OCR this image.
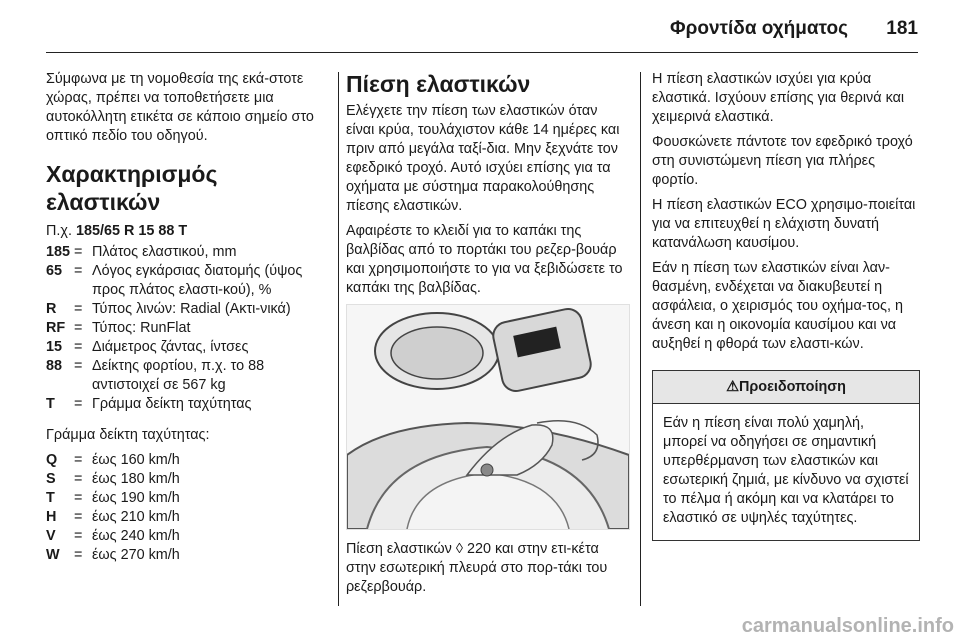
Φροντίδα οχήματος 181

Σύμφωνα με τη νομοθεσία της εκά-στοτε χώρας, πρέπει να τοποθετήσετε μια αυτοκόλλητη ετικέτα σε κάποιο σημείο στο οπτικό πεδίο του οδηγού.

Χαρακτηρισμός ελαστικών

Π.χ. 185/65 R 15 88 T

185 = Πλάτος ελαστικού, mm
65 = Λόγος εγκάρσιας διατομής (ύψος προς πλάτος ελαστι-κού), %
R	= Τύπος λινών: Radial (Ακτι-νικά)
RF = Τύπος: RunFlat
15 = Διάμετρος ζάντας, ίντσες
88 = Δείκτης φορτίου, π.χ. το 88 αντιστοιχεί σε 567 kg
T	= Γράμμα δείκτη ταχύτητας

Γράμμα δείκτη ταχύτητας:

Q	= έως 160 km/h
S	= έως 180 km/h
T	= έως 190 km/h
H	= έως 210 km/h
V	= έως 240 km/h
W	= έως 270 km/h
Πίεση ελαστικών

Ελέγχετε την πίεση των ελαστικών όταν είναι κρύα, τουλάχιστον κάθε 14 ημέρες και πριν από μεγάλα ταξί-δια. Μην ξεχνάτε τον εφεδρικό τροχό. Αυτό ισχύει επίσης για τα οχήματα με σύστημα παρακολούθησης πίεσης ελαστικών.

Αφαιρέστε το κλειδί για το καπάκι της βαλβίδας από το πορτάκι του ρεζερ-βουάρ και χρησιμοποιήστε το για να ξεβιδώσετε το καπάκι της βαλβίδας.

Πίεση ελαστικών ◊ 220 και στην ετι-κέτα στην εσωτερική πλευρά στο πορ-τάκι του ρεζερβουάρ.

Η πίεση ελαστικών ισχύει για κρύα ελαστικά. Ισχύουν επίσης για θερινά και χειμερινά ελαστικά.

Φουσκώνετε πάντοτε τον εφεδρικό τροχό στη συνιστώμενη πίεση για πλήρες φορτίο.

Η πίεση ελαστικών ECO χρησιμο-ποιείται για να επιτευχθεί η ελάχιστη δυνατή κατανάλωση καυσίμου.

Εάν η πίεση των ελαστικών είναι λαν-θασμένη, ενδέχεται να διακυβευτεί η ασφάλεια, ο χειρισμός του οχήμα-τος, η άνεση και η οικονομία καυσίμου και να αυξηθεί η φθορά των ελαστι-κών.

⚠Προειδοποίηση
Εάν η πίεση είναι πολύ χαμηλή, μπορεί να οδηγήσει σε σημαντική υπερθέρμανση των ελαστικών και εσωτερική ζημιά, με κίνδυνο να σχιστεί το πέλμα ή ακόμη και να κλατάρει το ελαστικό σε υψηλές ταχύτητες.
carmanualsonline.info
